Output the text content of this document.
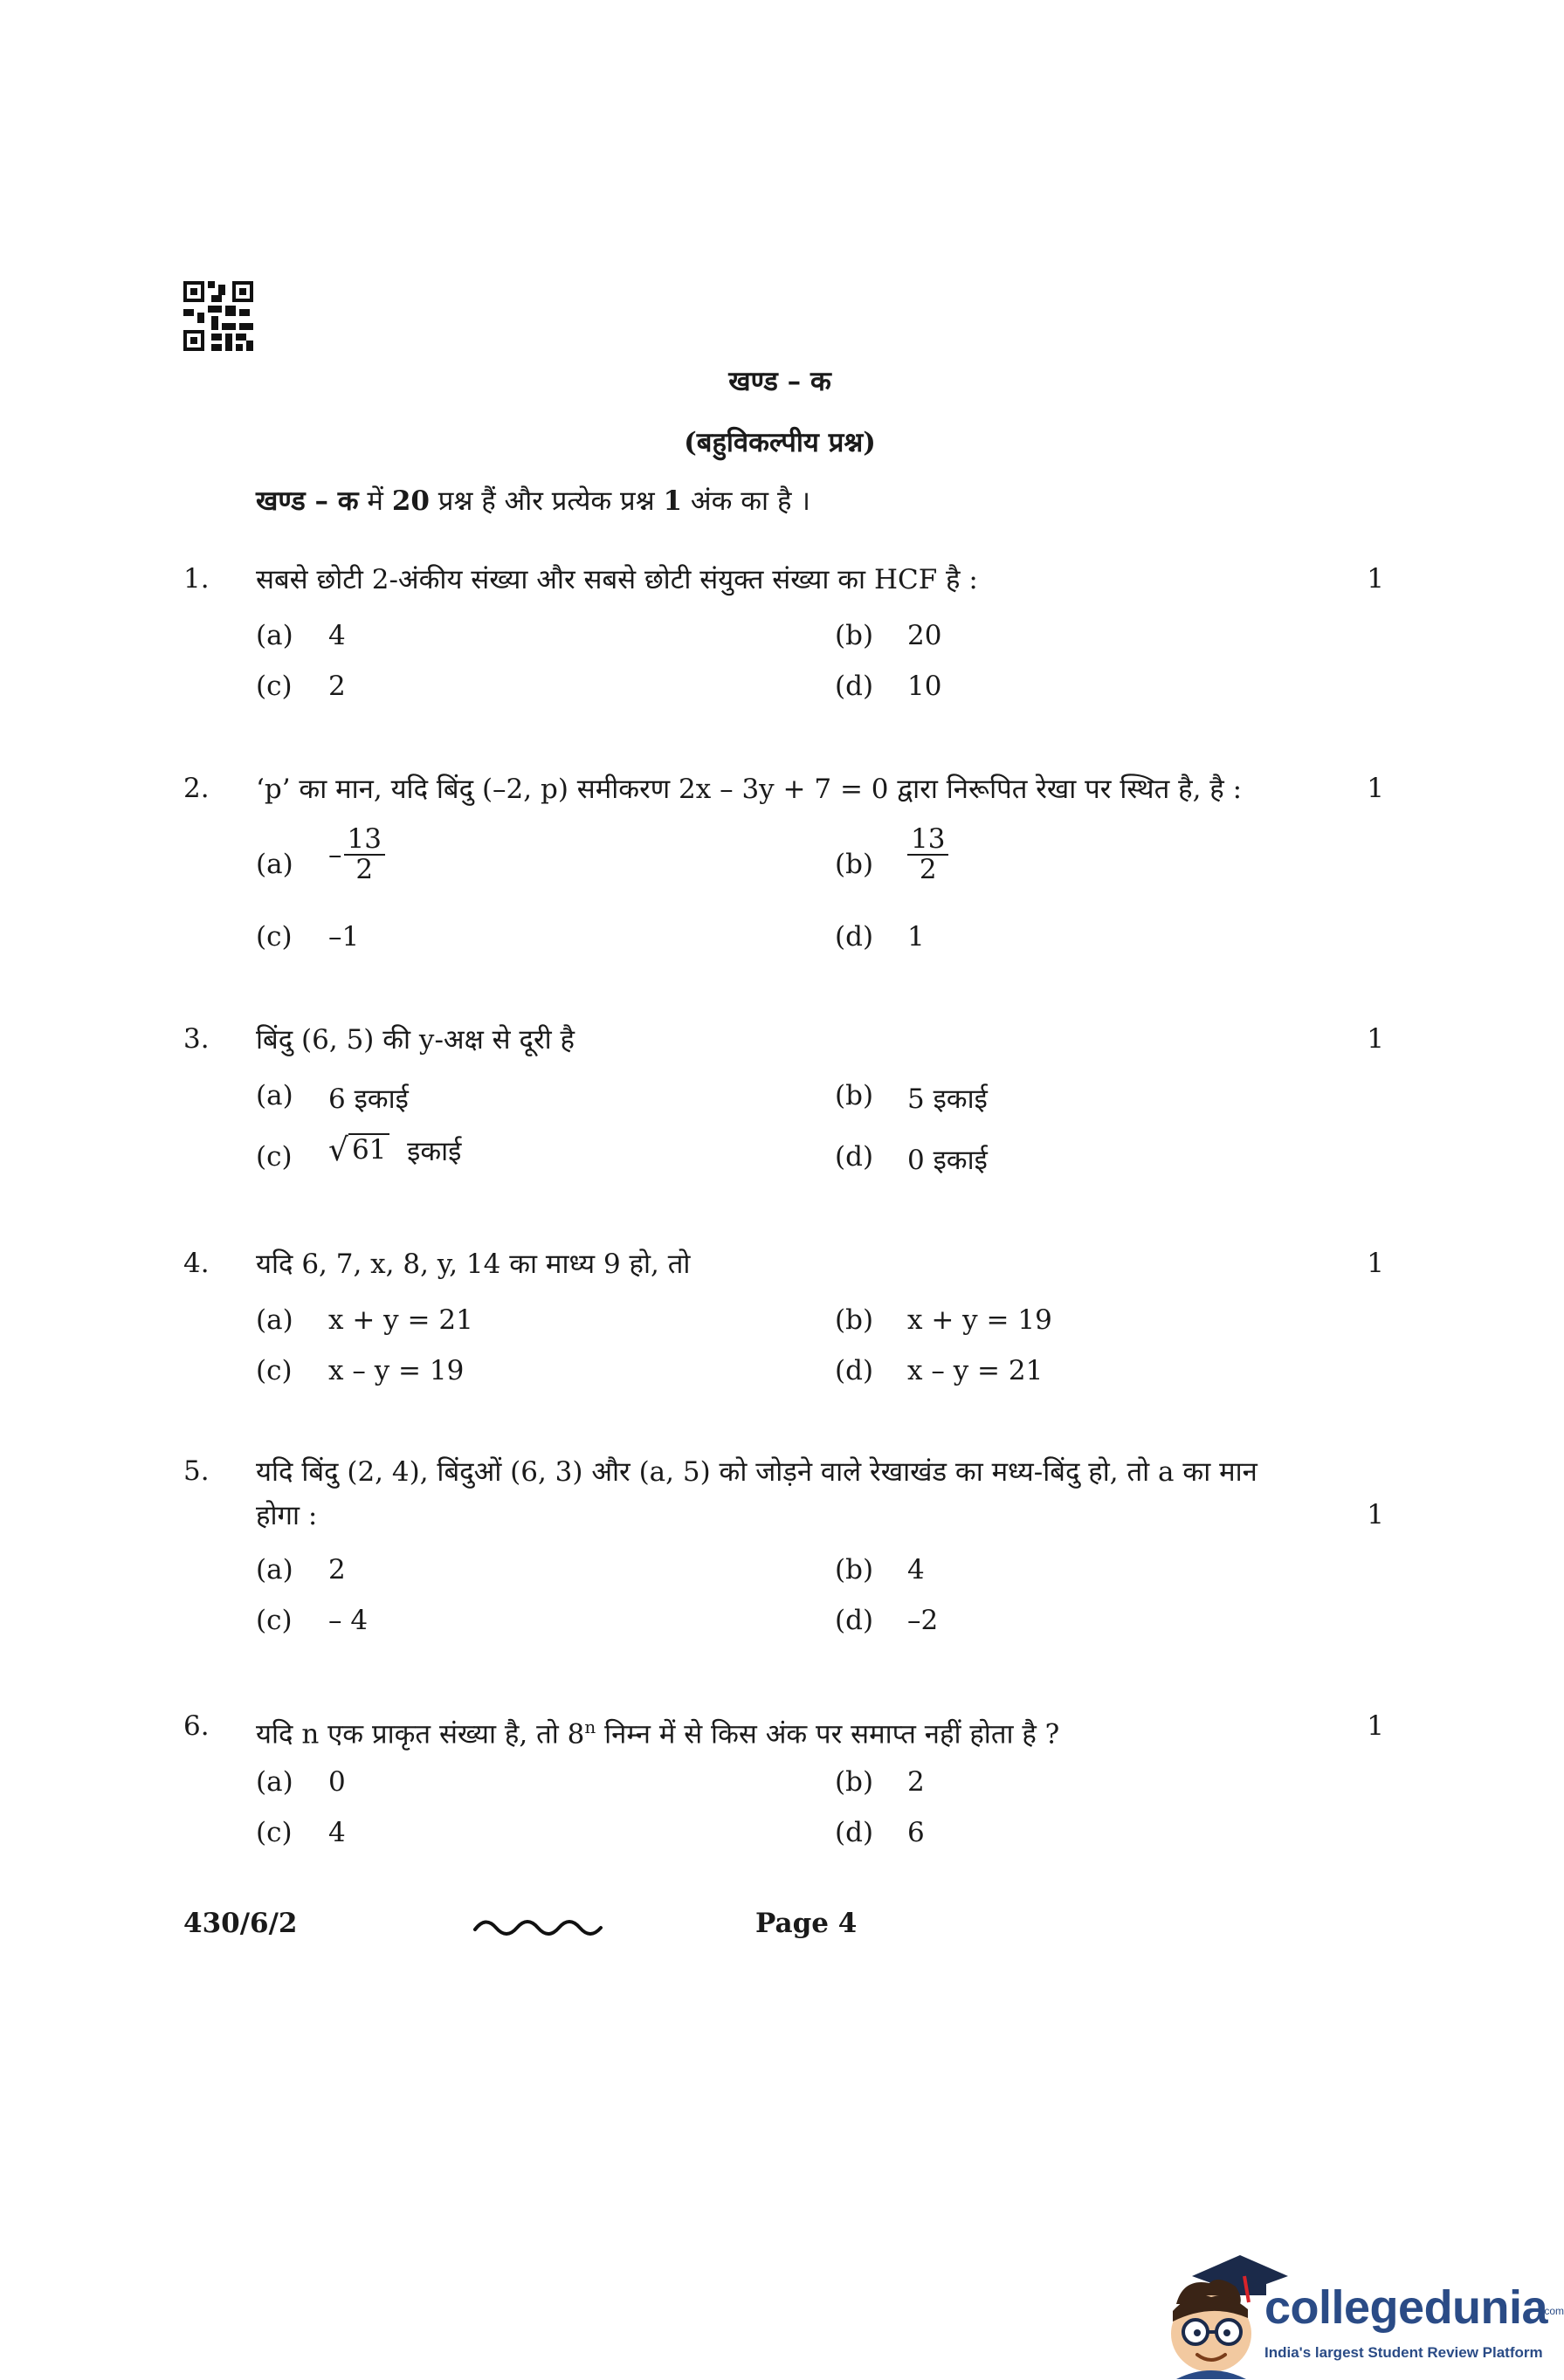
खण्ड – क
(बहुविकल्पीय प्रश्न)
खण्ड – क में 20 प्रश्न हैं और प्रत्येक प्रश्न 1 अंक का है ।
1.	सबसे छोटी 2-अंकीय संख्या और सबसे छोटी संयुक्त संख्या का HCF है :	1
(a)	4	(b)	20
(c)	2	(d)	10
2.	‘p’ का मान, यदि बिंदु (–2, p) समीकरण 2x – 3y + 7 = 0 द्वारा निरूपित रेखा पर स्थित है, है :	1
(a)	– $\frac{13}{2}$	(b)	$\frac{13}{2}$
(c)	–1	(d)	1
3.	बिंदु (6, 5) की y-अक्ष से दूरी है	1
(a)	6 इकाई	(b)	5 इकाई
(c)	√ 61 इकाई	(d)	0 इकाई
4.	यदि 6, 7, x, 8, y, 14 का माध्य 9 हो, तो	1
(a)	x + y = 21	(b)	x + y = 19
(c)	x – y = 19	(d)	x – y = 21
5.	यदि बिंदु (2, 4), बिंदुओं (6, 3) और (a, 5) को जोड़ने वाले रेखाखंड का मध्य-बिंदु हो, तो a का मान
होगा :	1
(a)	2	(b)	4
(c)	– 4	(d)	–2
6.	यदि n एक प्राकृत संख्या है, तो 8$^n$ निम्न में से किस अंक पर समाप्त नहीं होता है ?	1
(a)	0	(b)	2
(c)	4	(d)	6
430/6/2	Page 4
collegedunia
.com
India's largest Student Review Platform
